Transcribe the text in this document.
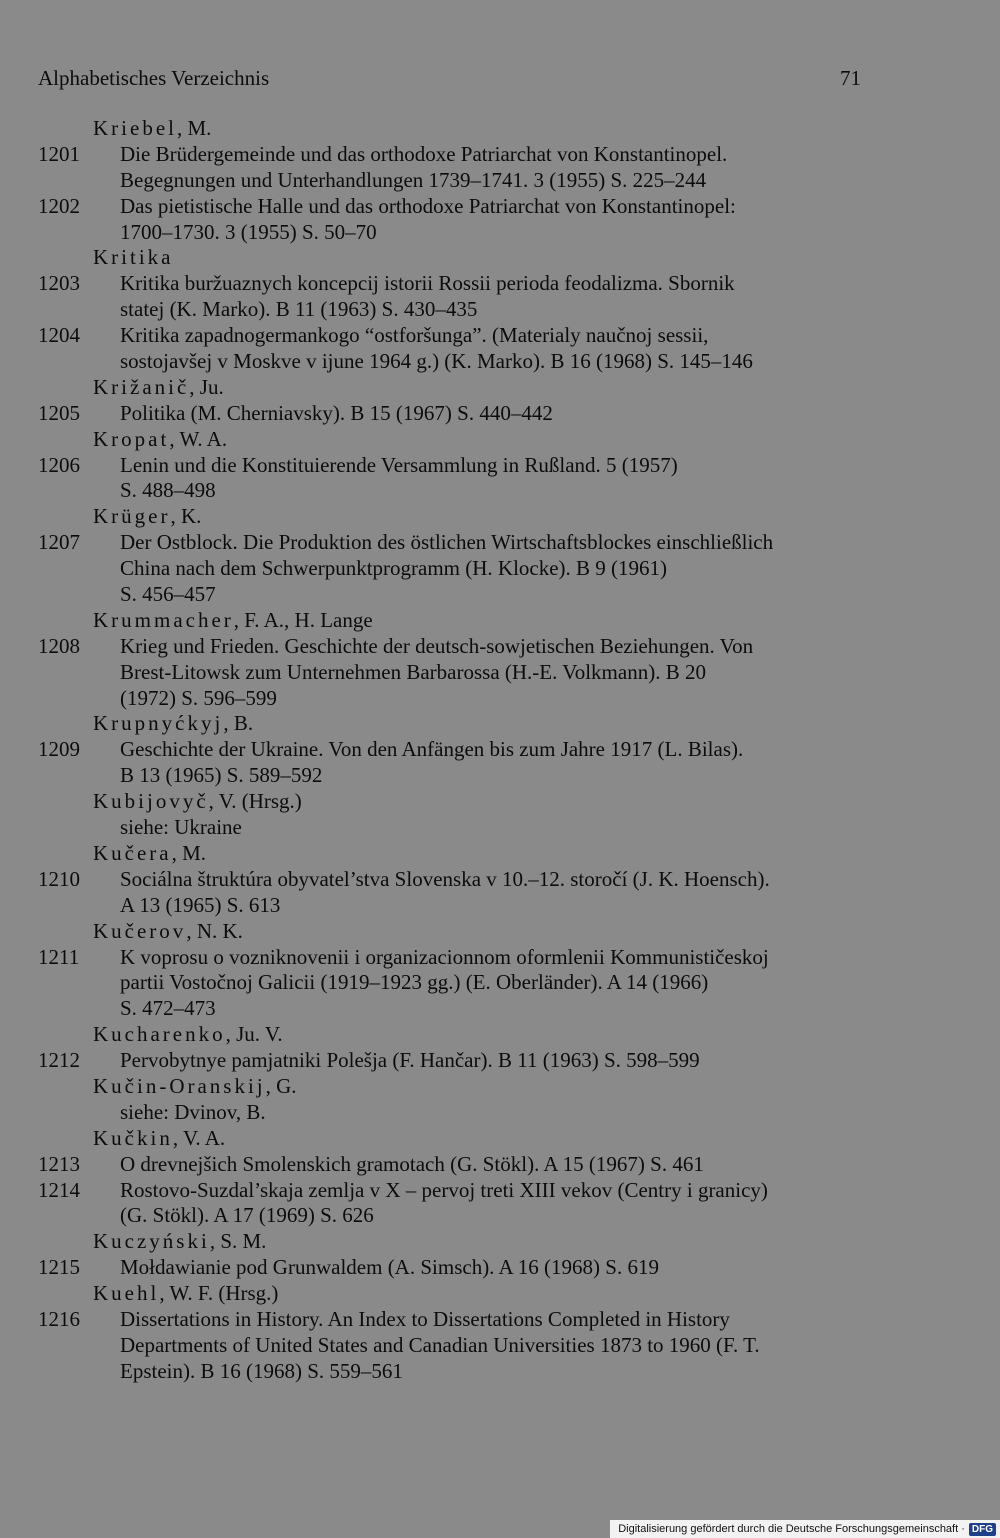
Alphabetisches Verzeichnis	71
Kriebel, M.
1201 Die Brüdergemeinde und das orthodoxe Patriarchat von Konstantinopel.
Begegnungen und Unterhandlungen 1739–1741. 3 (1955) S. 225–244
1202 Das pietistische Halle und das orthodoxe Patriarchat von Konstantinopel:
1700–1730. 3 (1955) S. 50–70
Kritika
1203 Kritika buržuaznych koncepcij istorii Rossii perioda feodalizma. Sbornik
statej (K. Marko). B 11 (1963) S. 430–435
1204 Kritika zapadnogermankogo “ostforšunga”. (Materialy naučnoj sessii,
sostojavšej v Moskve v ijune 1964 g.) (K. Marko). B 16 (1968) S. 145–146
Križanič, Ju.
1205 Politika (M. Cherniavsky). B 15 (1967) S. 440–442
Kropat, W. A.
1206 Lenin und die Konstituierende Versammlung in Rußland. 5 (1957)
S. 488–498
Krüger, K.
1207 Der Ostblock. Die Produktion des östlichen Wirtschaftsblockes einschließlich
China nach dem Schwerpunktprogramm (H. Klocke). B 9 (1961)
S. 456–457
Krummacher, F. A., H. Lange
1208 Krieg und Frieden. Geschichte der deutsch-sowjetischen Beziehungen. Von
Brest-Litowsk zum Unternehmen Barbarossa (H.-E. Volkmann). B 20
(1972) S. 596–599
Krupnyćkyj, B.
1209 Geschichte der Ukraine. Von den Anfängen bis zum Jahre 1917 (L. Bilas).
B 13 (1965) S. 589–592
Kubijovyč, V. (Hrsg.)
siehe: Ukraine
Kučera, M.
1210 Sociálna štruktúra obyvatel’stva Slovenska v 10.–12. storočí (J. K. Hoensch).
A 13 (1965) S. 613
Kučerov, N. K.
1211 K voprosu o vozniknovenii i organizacionnom oformlenii Kommunističeskoj
partii Vostočnoj Galicii (1919–1923 gg.) (E. Oberländer). A 14 (1966)
S. 472–473
Kucharenko, Ju. V.
1212 Pervobytnye pamjatniki Polešja (F. Hančar). B 11 (1963) S. 598–599
Kučin-Oranskij, G.
siehe: Dvinov, B.
Kučkin, V. A.
1213 O drevnejšich Smolenskich gramotach (G. Stökl). A 15 (1967) S. 461
1214 Rostovo-Suzdal’skaja zemlja v X – pervoj treti XIII vekov (Centry i granicy)
(G. Stökl). A 17 (1969) S. 626
Kuczyński, S. M.
1215 Mołdawianie pod Grunwaldem (A. Simsch). A 16 (1968) S. 619
Kuehl, W. F. (Hrsg.)
1216 Dissertations in History. An Index to Dissertations Completed in History
Departments of United States and Canadian Universities 1873 to 1960 (F. T.
Epstein). B 16 (1968) S. 559–561
Digitalisierung gefördert durch die Deutsche Forschungsgemeinschaft · DFG
